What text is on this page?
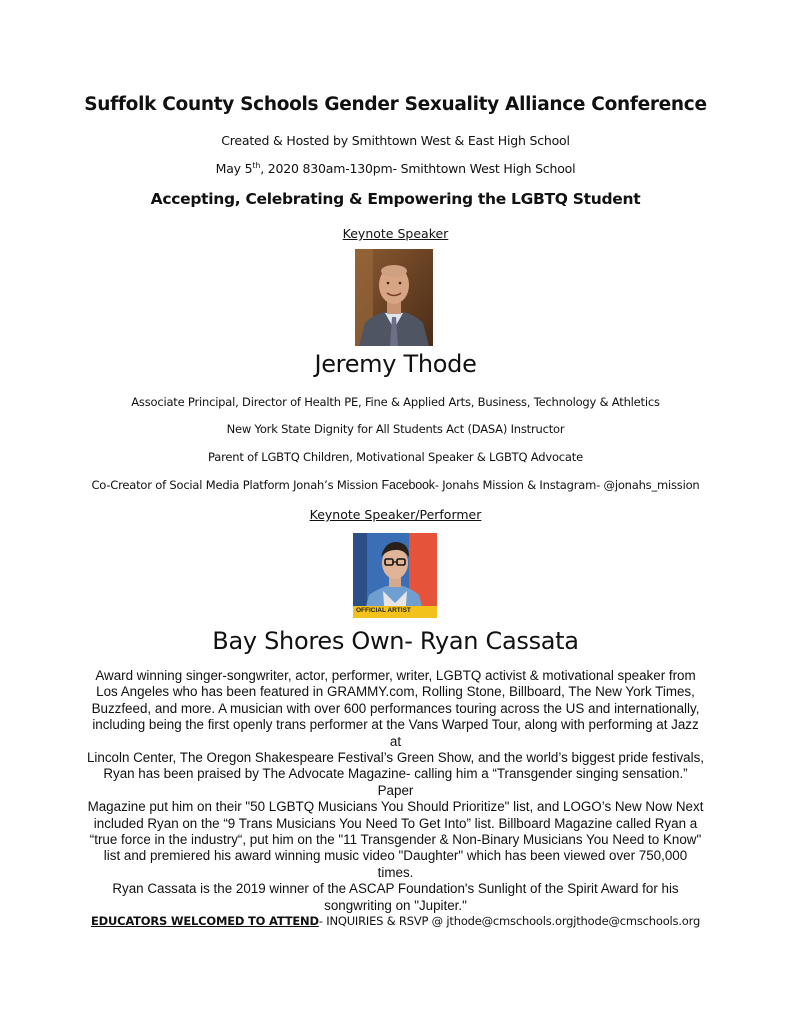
Suffolk County Schools Gender Sexuality Alliance Conference
Created & Hosted by Smithtown West & East High School
May 5th, 2020 830am-130pm- Smithtown West High School
Accepting, Celebrating & Empowering the LGBTQ Student
Keynote Speaker
Jeremy Thode
Associate Principal, Director of Health PE, Fine & Applied Arts, Business, Technology & Athletics
New York State Dignity for All Students Act (DASA) Instructor
Parent of LGBTQ Children, Motivational Speaker & LGBTQ Advocate
Co-Creator of Social Media Platform Jonah’s Mission Facebook- Jonahs Mission & Instagram- @jonahs_mission
Keynote Speaker/Performer
OFFICIAL ARTIST
Bay Shores Own- Ryan Cassata
Award winning singer-songwriter, actor, performer, writer, LGBTQ activist & motivational speaker from
Los Angeles who has been featured in GRAMMY.com, Rolling Stone, Billboard, The New York Times,
Buzzfeed, and more. A musician with over 600 performances touring across the US and internationally,
including being the first openly trans performer at the Vans Warped Tour, along with performing at Jazz at
Lincoln Center, The Oregon Shakespeare Festival’s Green Show, and the world’s biggest pride festivals,
Ryan has been praised by The Advocate Magazine- calling him a “Transgender singing sensation.” Paper
Magazine put him on their "50 LGBTQ Musicians You Should Prioritize" list, and LOGO’s New Now Next
included Ryan on the “9 Trans Musicians You Need To Get Into” list. Billboard Magazine called Ryan a
“true force in the industry“, put him on the "11 Transgender & Non-Binary Musicians You Need to Know"
list and premiered his award winning music video "Daughter" which has been viewed over 750,000 times.
Ryan Cassata is the 2019 winner of the ASCAP Foundation's Sunlight of the Spirit Award for his
songwriting on "Jupiter."
EDUCATORS WELCOMED TO ATTEND- INQUIRIES & RSVP @ jthode@cmschools.orgjthode@cmschools.org
